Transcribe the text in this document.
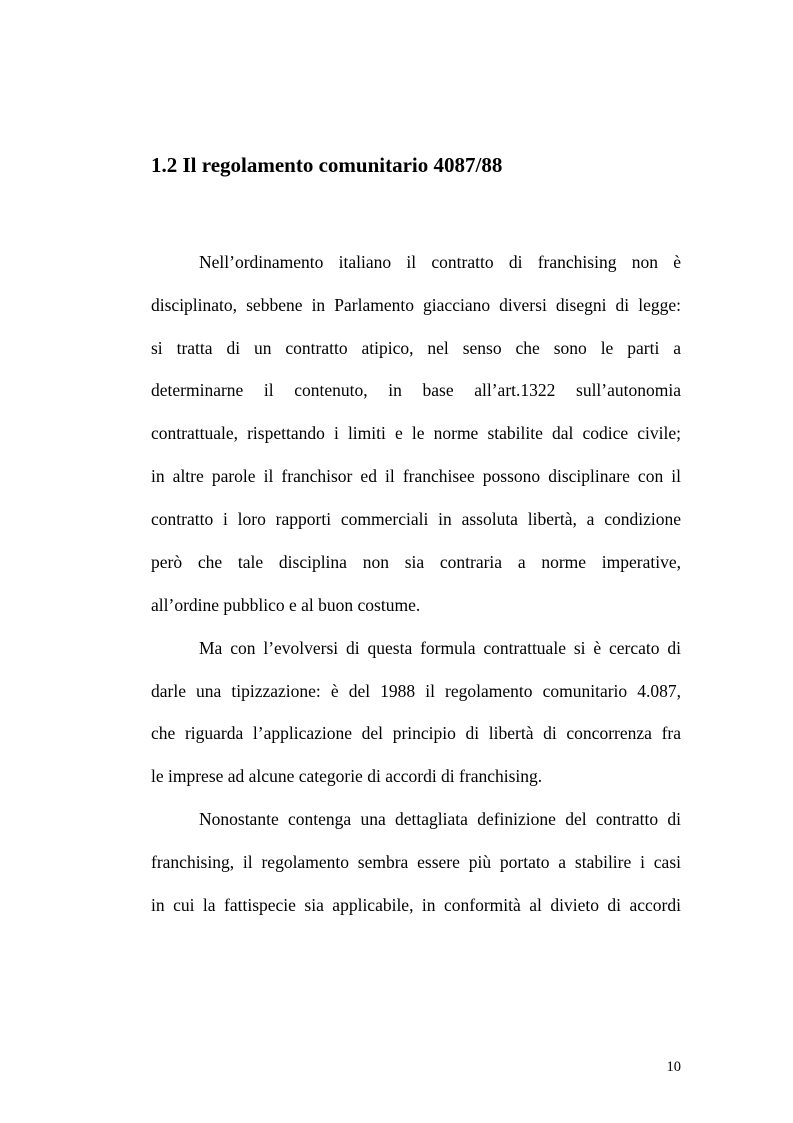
1.2 Il regolamento comunitario 4087/88
Nell’ordinamento italiano il contratto di franchising non è
disciplinato, sebbene in Parlamento giacciano diversi disegni di legge:
si tratta di un contratto atipico, nel senso che sono le parti a
determinarne il contenuto, in base all’art.1322 sull’autonomia
contrattuale, rispettando i limiti e le norme stabilite dal codice civile;
in altre parole il franchisor ed il franchisee possono disciplinare con il
contratto i loro rapporti commerciali in assoluta libertà, a condizione
però che tale disciplina non sia contraria a norme imperative,
all’ordine pubblico e al buon costume.
Ma con l’evolversi di questa formula contrattuale si è cercato di
darle una tipizzazione: è del 1988 il regolamento comunitario 4.087,
che riguarda l’applicazione del principio di libertà di concorrenza fra
le imprese ad alcune categorie di accordi di franchising.
Nonostante contenga una dettagliata definizione del contratto di
franchising, il regolamento sembra essere più portato a stabilire i casi
in cui la fattispecie sia applicabile, in conformità al divieto di accordi
10
